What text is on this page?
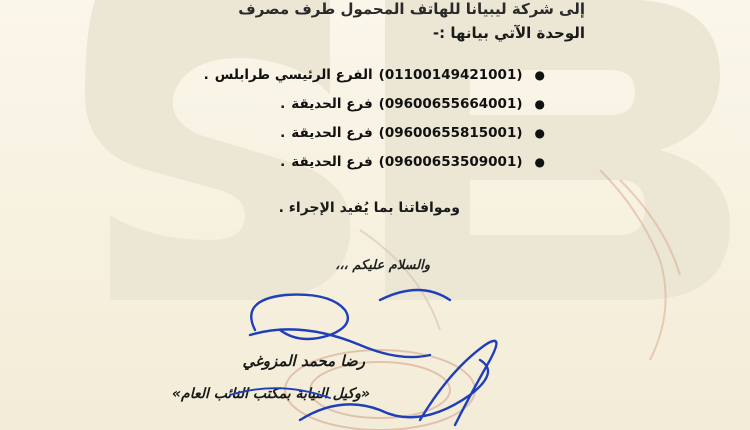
إلى شركة ليبيانا للهاتف المحمول طرف مصرف
الوحدة الآتي بيانها :-
●
(01100149421001)
الفرع الرئيسي طرابلس
.
●
(09600655664001)
فرع الحديقة
.
●
(09600655815001)
فرع الحديقة
.
●
(09600653509001)
فرع الحديقة
.
وموافاتنا بما يُفيد الإجراء .
والسلام عليكم ،،،
رضا محمد المزوغي
«وكيل النيابة بمكتب النائب العام»
